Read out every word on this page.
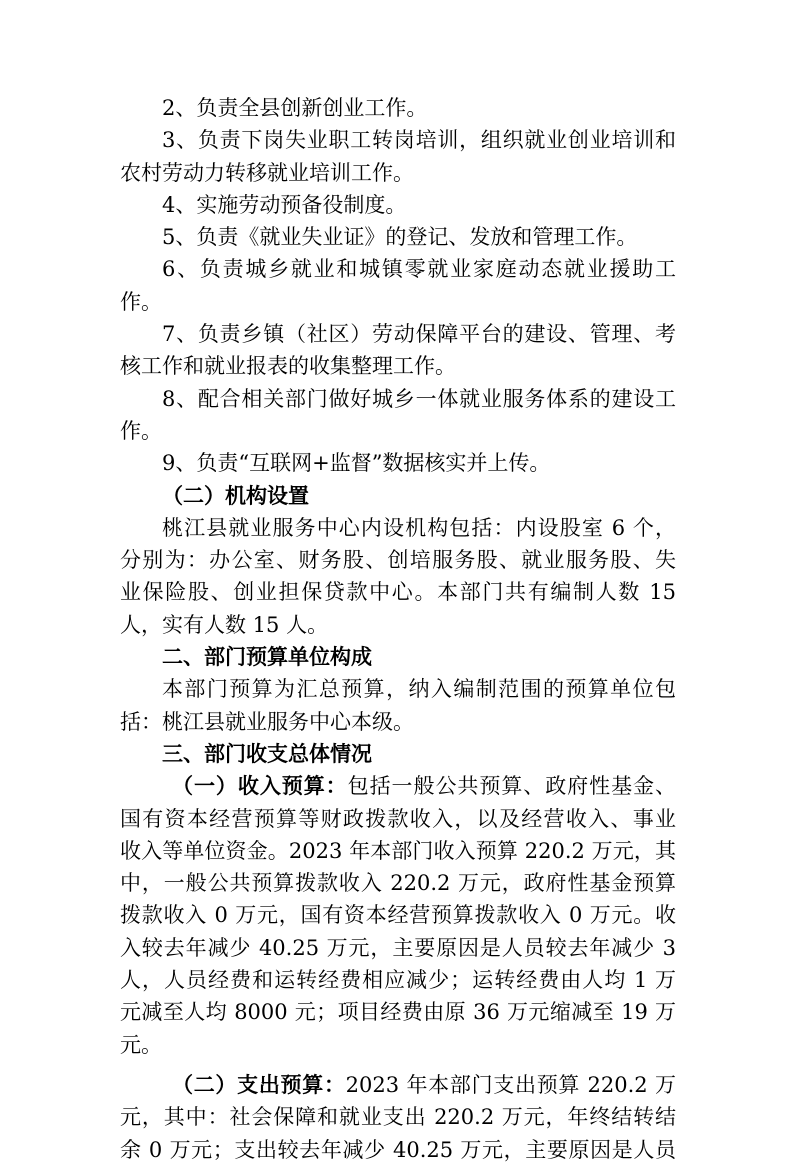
2、负责全县创新创业工作。
3、负责下岗失业职工转岗培训，组织就业创业培训和
农村劳动力转移就业培训工作。
4、实施劳动预备役制度。
5、负责《就业失业证》的登记、发放和管理工作。
6、负责城乡就业和城镇零就业家庭动态就业援助工
作。
7、负责乡镇（社区）劳动保障平台的建设、管理、考
核工作和就业报表的收集整理工作。
8、配合相关部门做好城乡一体就业服务体系的建设工
作。
9、负责“互联网+监督”数据核实并上传。
（二）机构设置
桃江县就业服务中心内设机构包括：内设股室 6 个，
分别为：办公室、财务股、创培服务股、就业服务股、失
业保险股、创业担保贷款中心。本部门共有编制人数 15
人，实有人数 15 人。
二、部门预算单位构成
本部门预算为汇总预算，纳入编制范围的预算单位包
括：桃江县就业服务中心本级。
三、部门收支总体情况
（一）收入预算：包括一般公共预算、政府性基金、
国有资本经营预算等财政拨款收入，以及经营收入、事业
收入等单位资金。2023 年本部门收入预算 220.2 万元，其
中，一般公共预算拨款收入 220.2 万元，政府性基金预算
拨款收入 0 万元，国有资本经营预算拨款收入 0 万元。收
入较去年减少 40.25 万元，主要原因是人员较去年减少 3
人，人员经费和运转经费相应减少；运转经费由人均 1 万
元减至人均 8000 元；项目经费由原 36 万元缩减至 19 万
元。
（二）支出预算：2023 年本部门支出预算 220.2 万
元，其中：社会保障和就业支出 220.2 万元，年终结转结
余 0 万元；支出较去年减少 40.25 万元，主要原因是人员
